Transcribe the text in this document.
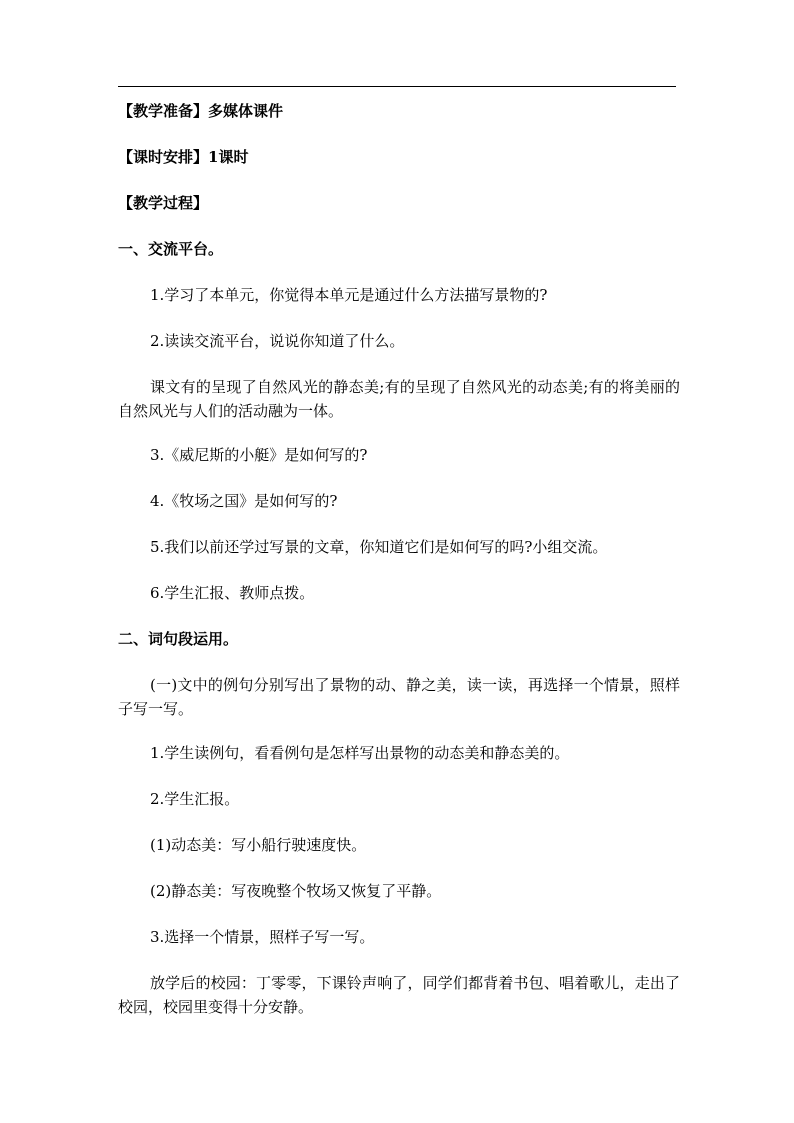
【教学准备】多媒体课件
【课时安排】1课时
【教学过程】
一、交流平台。
1.学习了本单元，你觉得本单元是通过什么方法描写景物的?
2.读读交流平台，说说你知道了什么。
课文有的呈现了自然风光的静态美;有的呈现了自然风光的动态美;有的将美丽的自然风光与人们的活动融为一体。
3.《威尼斯的小艇》是如何写的?
4.《牧场之国》是如何写的?
5.我们以前还学过写景的文章，你知道它们是如何写的吗?小组交流。
6.学生汇报、教师点拨。
二、词句段运用。
(一)文中的例句分别写出了景物的动、静之美，读一读，再选择一个情景，照样子写一写。
1.学生读例句，看看例句是怎样写出景物的动态美和静态美的。
2.学生汇报。
(1)动态美：写小船行驶速度快。
(2)静态美：写夜晚整个牧场又恢复了平静。
3.选择一个情景，照样子写一写。
放学后的校园：丁零零，下课铃声响了，同学们都背着书包、唱着歌儿，走出了校园，校园里变得十分安静。
